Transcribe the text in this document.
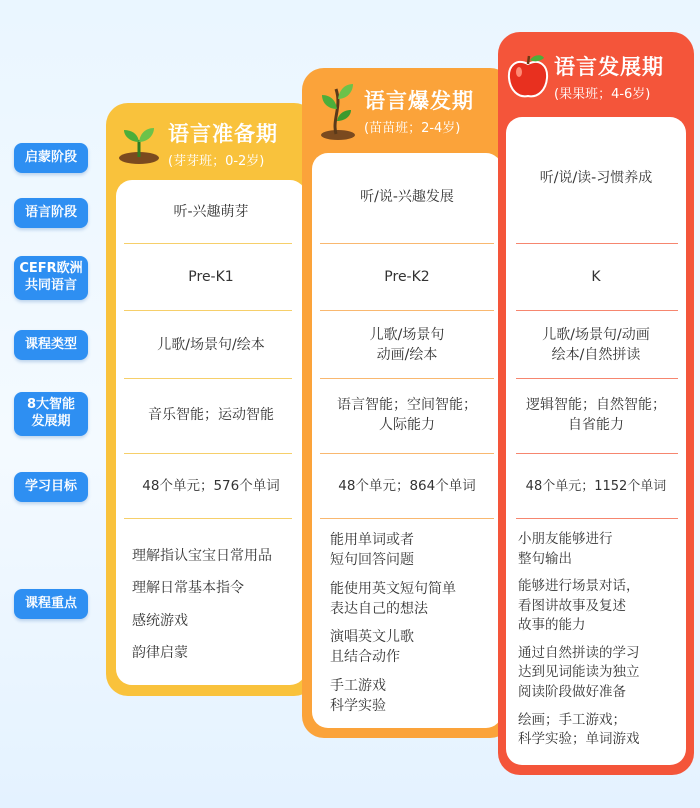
启蒙阶段
语言阶段
CEFR欧洲
共同语言
课程类型
8大智能
发展期
学习目标
课程重点
语言准备期
(芽芽班；0-2岁)
听-兴趣萌芽
Pre-K1
儿歌/场景句/绘本
音乐智能；运动智能
48个单元；576个单词
理解指认宝宝日常用品
理解日常基本指令
感统游戏
韵律启蒙
语言爆发期
(苗苗班；2-4岁)
听/说-兴趣发展
Pre-K2
儿歌/场景句
动画/绘本
语言智能；空间智能；
人际能力
48个单元；864个单词
能用单词或者
短句回答问题
能使用英文短句简单
表达自己的想法
演唱英文儿歌
且结合动作
手工游戏
科学实验
语言发展期
(果果班；4-6岁)
听/说/读-习惯养成
K
儿歌/场景句/动画
绘本/自然拼读
逻辑智能；自然智能；
自省能力
48个单元；1152个单词
小朋友能够进行
整句输出
能够进行场景对话，
看图讲故事及复述
故事的能力
通过自然拼读的学习
达到见词能读为独立
阅读阶段做好准备
绘画；手工游戏；
科学实验；单词游戏
